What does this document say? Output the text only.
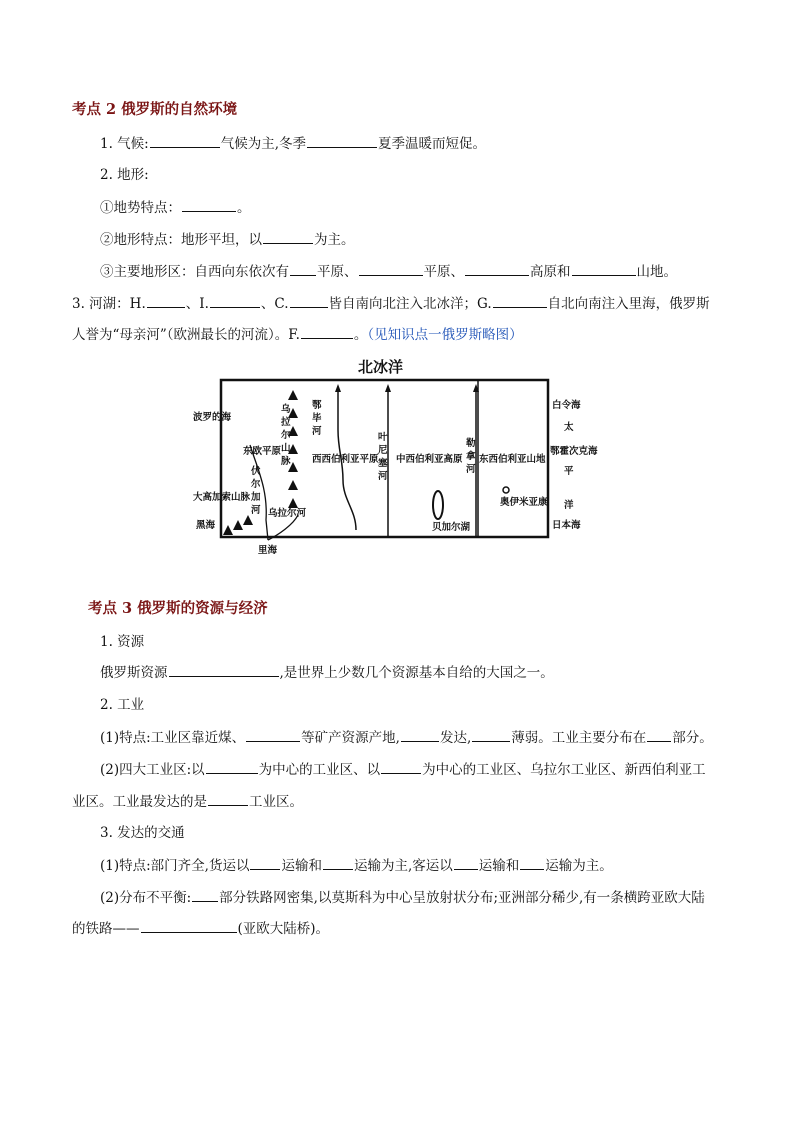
考点 2 俄罗斯的自然环境
1. 气候:	气候为主,冬季	夏季温暖而短促。
2. 地形:
①地势特点：	。
②地形特点：地形平坦，以	为主。
③主要地形区：自西向东依次有 平原、	平原、	高原和	山地。
3. 河湖：H.	、I.	、C.	皆自南向北注入北冰洋；G.	自北向南注入里海，俄罗斯
人誉为“母亲河”（欧洲最长的河流）。F.	。（见知识点一俄罗斯略图）
北冰洋
波罗的海
东欧平原
伏
尔
加
河
乌
拉
尔
山
脉
鄂
毕
河
西西伯利亚平原
叶
尼
塞
河
中西伯利亚高原
勒
拿
河
东西伯利亚山地
贝加尔湖
奥伊米亚康
大高加索山脉
黑海
里海
乌拉尔河
白令海
太
鄂霍次克海
平
洋
日本海
考点 3 俄罗斯的资源与经济
1. 资源
俄罗斯资源	,是世界上少数几个资源基本自给的大国之一。
2. 工业
(1)特点:工业区靠近煤、	等矿产资源产地,	发达,	薄弱。工业主要分布在 部分。
(2)四大工业区:以	为中心的工业区、以	为中心的工业区、乌拉尔工业区、新西伯利亚工
业区。工业最发达的是	工业区。
3. 发达的交通
(1)特点:部门齐全,货运以 运输和 运输为主,客运以 运输和 运输为主。
(2)分布不平衡: 部分铁路网密集,以莫斯科为中心呈放射状分布;亚洲部分稀少,有一条横跨亚欧大陆
的铁路——	(亚欧大陆桥)。
